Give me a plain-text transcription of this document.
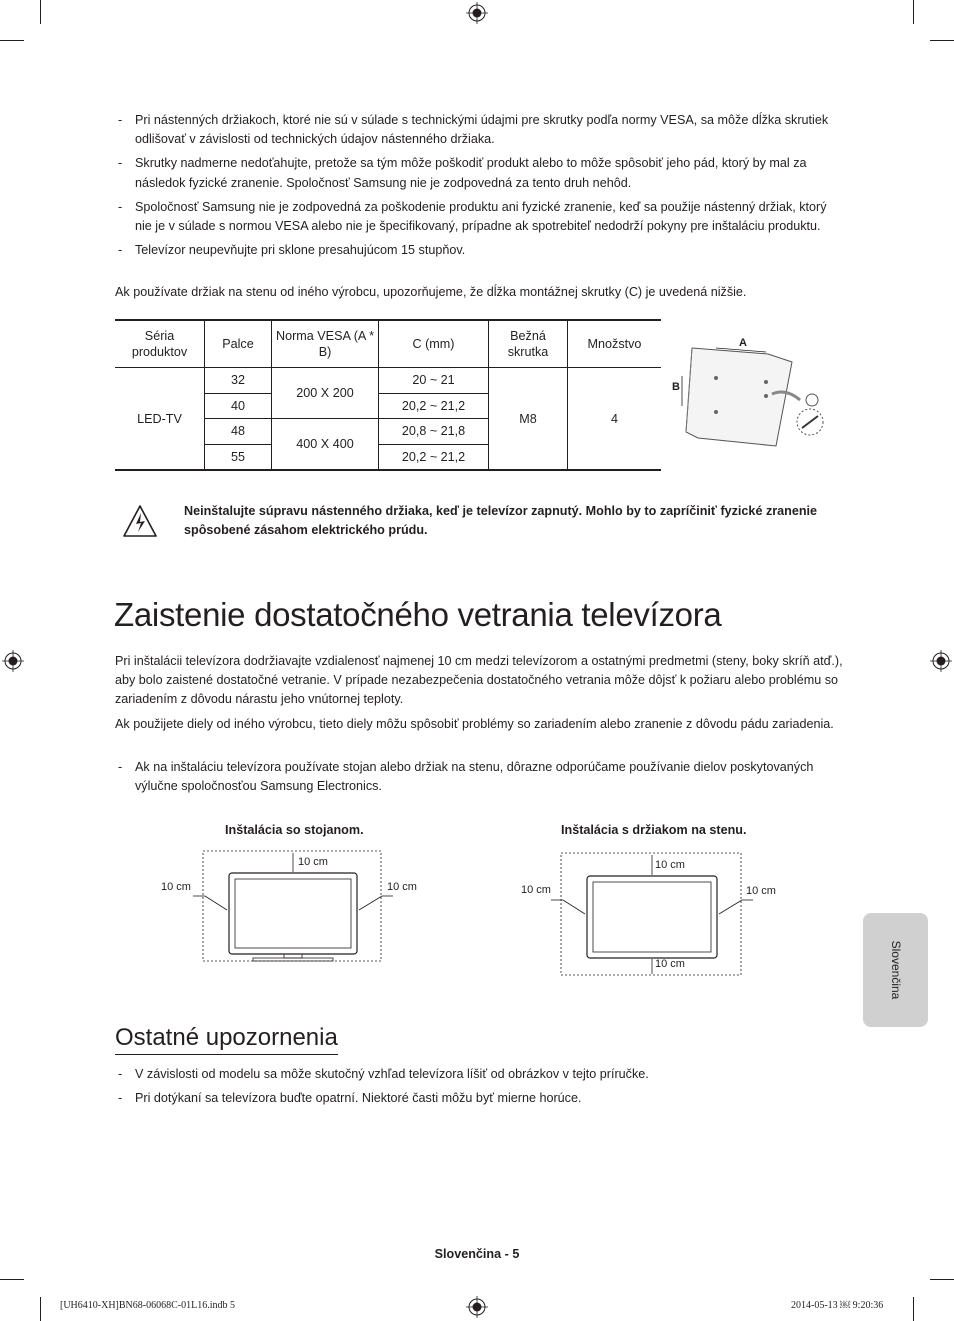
- Pri nástenných držiakoch, ktoré nie sú v súlade s technickými údajmi pre skrutky podľa normy VESA, sa môže dĺžka skrutiek odlišovať v závislosti od technických údajov nástenného držiaka.
- Skrutky nadmerne nedoťahujte, pretože sa tým môže poškodiť produkt alebo to môže spôsobiť jeho pád, ktorý by mal za následok fyzické zranenie. Spoločnosť Samsung nie je zodpovedná za tento druh nehôd.
- Spoločnosť Samsung nie je zodpovedná za poškodenie produktu ani fyzické zranenie, keď sa použije nástenný držiak, ktorý nie je v súlade s normou VESA alebo nie je špecifikovaný, prípadne ak spotrebiteľ nedodrží pokyny pre inštaláciu produktu.
- Televízor neupevňujte pri sklone presahujúcom 15 stupňov.

Ak používate držiak na stenu od iného výrobcu, upozorňujeme, že dĺžka montážnej skrutky (C) je uvedená nižšie.

Séria produktov	Palce	Norma VESA (A * B)	C (mm)	Bežná skrutka	Množstvo
LED-TV	32	200 X 200	20 ~ 21	M8	4
	40		20,2 ~ 21,2		
	48	400 X 400	20,8 ~ 21,8		
	55		20,2 ~ 21,2		
A
B
Neinštalujte súpravu nástenného držiaka, keď je televízor zapnutý. Mohlo by to zapríčiniť fyzické zranenie spôsobené zásahom elektrického prúdu.
Zaistenie dostatočného vetrania televízora

Pri inštalácii televízora dodržiavajte vzdialenosť najmenej 10 cm medzi televízorom a ostatnými predmetmi (steny, boky skríň atď.), aby bolo zaistené dostatočné vetranie. V prípade nezabezpečenia dostatočného vetrania môže dôjsť k požiaru alebo problému so zariadením z dôvodu nárastu jeho vnútornej teploty.

Ak použijete diely od iného výrobcu, tieto diely môžu spôsobiť problémy so zariadením alebo zranenie z dôvodu pádu zariadenia.

- Ak na inštaláciu televízora používate stojan alebo držiak na stenu, dôrazne odporúčame používanie dielov poskytovaných výlučne spoločnosťou Samsung Electronics.
Inštalácia so stojanom.	Inštalácia s držiakom na stenu.
10 cm
10 cm	10 cm
10 cm
10 cm
10 cm	10 cm
Ostatné upozornenia
- V závislosti od modelu sa môže skutočný vzhľad televízora líšiť od obrázkov v tejto príručke.
- Pri dotýkaní sa televízora buďte opatrní. Niektoré časti môžu byť mierne horúce.
Slovenčina
Slovenčina - 5
[UH6410-XH]BN68-06068C-01L16.indb 5	2014-05-13 ￼ 9:20:36
